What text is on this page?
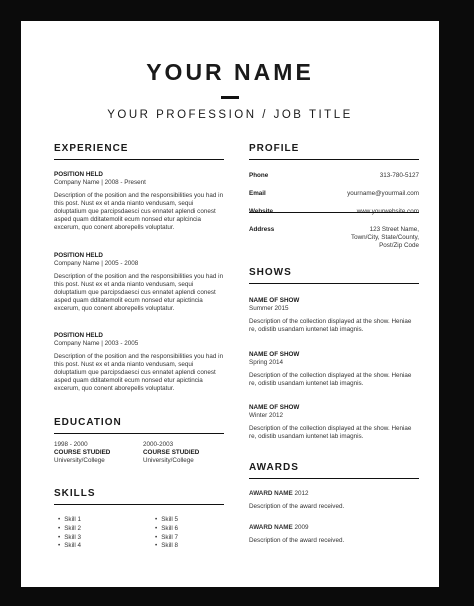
YOUR NAME
YOUR PROFESSION / JOB TITLE
EXPERIENCE
POSITION HELD
Company Name | 2008 - Present
Description of the position and the responsibilities you had in this post. Nust ex et anda nianto vendusam, sequi doluptatium que parcipsdaesci cus ennatet aplendi conest asped quam dditatemolit ecum nonsed etur aplcincia excerum, quo conent aborepells voluptatur.
POSITION HELD
Company Name | 2005 - 2008
Description of the position and the responsibilities you had in this post. Nust ex et anda nianto vendusam, sequi doluptatium que parcipsdaesci cus ennatet aplendi conest asped quam dditatemolit ecum nonsed etur apictincia excerum, quo conent aborepells voluptatur.
POSITION HELD
Company Name | 2003 - 2005
Description of the position and the responsibilities you had in this post. Nust ex et anda nianto vendusam, sequi doluptatium que parcipsdaesci cus ennatet aplendi conest asped quam dditatemolit ecum nonsed etur apictincia excerum, quo conent aborepells voluptatur.
EDUCATION
1998 - 2000
COURSE STUDIED
University/College
2000-2003
COURSE STUDIED
University/College
SKILLS
• Skill 1
• Skill 2
• Skill 3
• Skill 4
• Skill 5
• Skill 6
• Skill 7
• Skill 8
PROFILE
Phone	313-780-5127
Email	yourname@yourmail.com
Website	www.yourwebsite.com
Address	123 Street Name,
Town/City, State/County,
Post/Zip Code
SHOWS
NAME OF SHOW
Summer 2015
Description of the collection displayed at the show. Heniae re, odistib usandam iuntenet lab imagnis.
NAME OF SHOW
Spring 2014
Description of the collection displayed at the show. Heniae re, odistib usandam iuntenet lab imagnis.
NAME OF SHOW
Winter 2012
Description of the collection displayed at the show. Heniae re, odistib usandam iuntenet lab imagnis.
AWARDS
AWARD NAME 2012
Description of the award received.
AWARD NAME 2009
Description of the award received.
